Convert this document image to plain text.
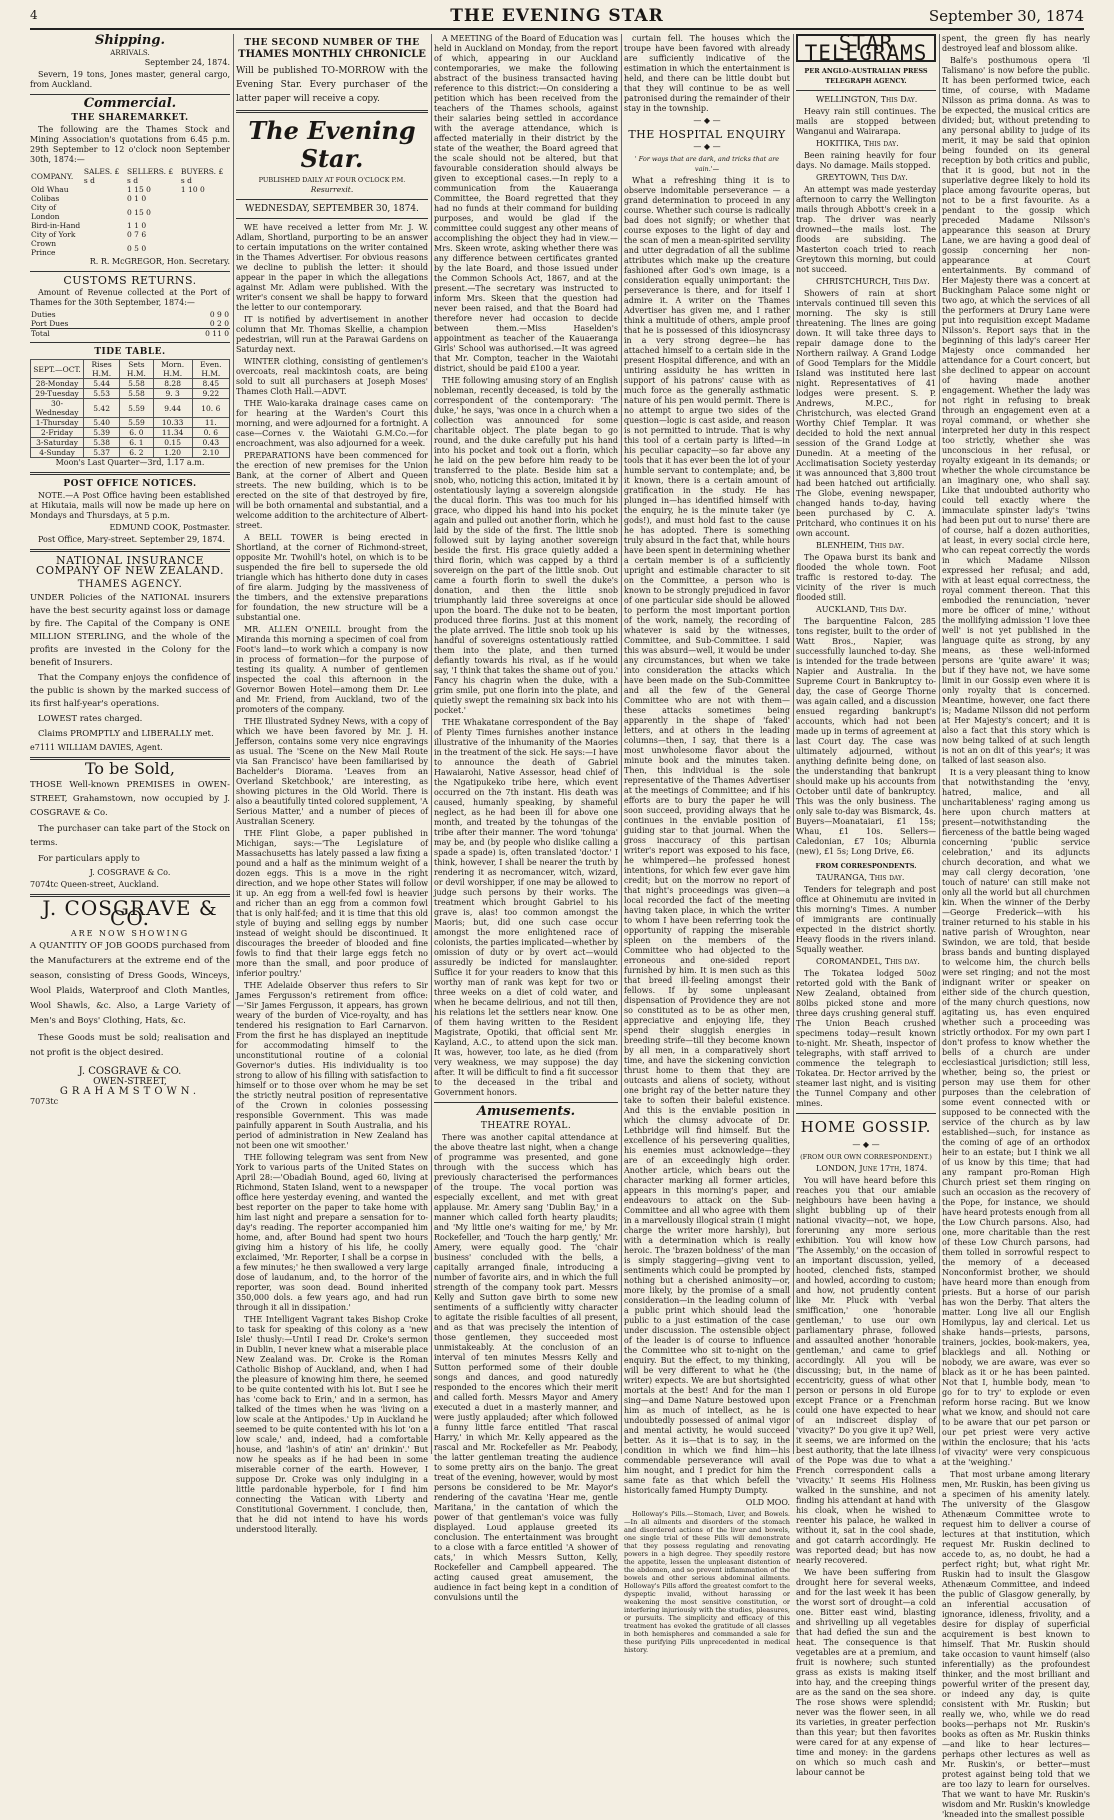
4	THE EVENING STAR	September 30, 1874
Shipping.
ARRIVALS.

September 24, 1874.

Severn, 19 tons, Jones master, general cargo, from Auckland.

Commercial.
THE SHAREMARKET.

The following are the Thames Stock and Mining Association's quotations from 6.45 p.m. 29th September to 12 o'clock noon September 30th, 1874:—

COMPANY.	SALES. £ s d	SELLERS. £ s d	BUYERS. £ s d
Old Whau		1 15 0	1 10 0
Colibas		0 1 0	
City of London		0 15 0	
Bird-in-Hand		1 1 0	
City of York		0 7 6	
Crown Prince		0 5 0	

R. R. McGREGOR, Hon. Secretary.

CUSTOMS RETURNS.

Amount of Revenue collected at the Port of Thames for the 30th September, 1874:—

Duties	0 9 0
Port Dues	0 2 0
Total	0 11 0
TIDE TABLE.
SEPT.—OCT.	Rises H.M.	Sets H.M.	Morn. H.M.	Even. H.M.
28-Monday	5.44	5.58	8.28	8.45
29-Tuesday	5.53	5.58	9. 3	9.22
30-Wednesday	5.42	5.59	9.44	10. 6
1-Thursday	5.40	5.59	10.33	11.
2-Friday	5.39	6. 0	11.34	0. 6
3-Saturday	5.38	6. 1	0.15	0.43
4-Sunday	5.37	6. 2	1.20	2.10

Moon's Last Quarter—3rd, 1.17 a.m.

POST OFFICE NOTICES.

NOTE.—A Post Office having been established at Hikutaia, mails will now be made up here on Mondays and Thursdays, at 5 p.m.

EDMUND COOK, Postmaster.

Post Office, Mary-street. September 29, 1874.

NATIONAL INSURANCE COMPANY OF NEW ZEALAND.
THAMES AGENCY.

UNDER Policies of the NATIONAL insurers have the best security against loss or damage by fire. The Capital of the Company is ONE MILLION STERLING, and the whole of the profits are invested in the Colony for the benefit of Insurers.

That the Company enjoys the confidence of the public is shown by the marked success of its first half-year's operations.

LOWEST rates charged.

Claims PROMPTLY and LIBERALLY met.

e7111 WILLIAM DAVIES, Agent.

To be Sold,

THOSE Well-known PREMISES in OWEN-STREET, Grahamstown, now occupied by J. COSGRAVE & Co.

The purchaser can take part of the Stock on terms.

For particulars apply to

J. COSGRAVE & Co.

7074tc Queen-street, Auckland.

J. COSGRAVE & CO.
ARE NOW SHOWING

A QUANTITY OF JOB GOODS purchased from the Manufacturers at the extreme end of the season, consisting of Dress Goods, Winceys, Wool Plaids, Waterproof and Cloth Mantles, Wool Shawls, &c. Also, a Large Variety of Men's and Boys' Clothing, Hats, &c.

These Goods must be sold; realisation and not profit is the object desired.

J. COSGRAVE & CO.
OWEN-STREET,
GRAHAMSTOWN.

7073tc

THE SECOND NUMBER OF THE
THAMES MONTHLY CHRONICLE

Will be published TO-MORROW with the Evening Star. Every purchaser of the latter paper will receive a copy.

The Evening Star.
PUBLISHED DAILY AT FOUR O'CLOCK P.M.
Resurrexit.
WEDNESDAY, SEPTEMBER 30, 1874.

WE have received a letter from Mr. J. W. Adlam, Shortland, purporting to be an answer to certain imputations on the writer contained in the Thames Advertiser. For obvious reasons we decline to publish the letter: it should appear in the paper in which the allegations against Mr. Adlam were published. With the writer's consent we shall be happy to forward the letter to our contemporary.

IT is notified by advertisement in another column that Mr. Thomas Skellie, a champion pedestrian, will run at the Parawai Gardens on Saturday next.

WINTER clothing, consisting of gentlemen's overcoats, real mackintosh coats, are being sold to suit all purchasers at Joseph Moses' Thames Cloth Hall.—ADVT.

THE Waio-karaka drainage cases came on for hearing at the Warden's Court this morning, and were adjourned for a fortnight. A case—Cornes v. the Waiotahi G.M.Co.—for encroachment, was also adjourned for a week.

PREPARATIONS have been commenced for the erection of new premises for the Union Bank, at the corner of Albert and Queen streets. The new building, which is to be erected on the site of that destroyed by fire, will be both ornamental and substantial, and a welcome addition to the architecture of Albert-street.

A BELL TOWER is being erected in Shortland, at the corner of Richmond-street, opposite Mr. Twohill's hotel, on which is to be suspended the fire bell to supersede the old triangle which has hitherto done duty in cases of fire alarm. Judging by the massiveness of the timbers, and the extensive preparations for foundation, the new structure will be a substantial one.

MR. ALLEN O'NEILL brought from the Miranda this morning a specimen of coal from Foot's land—to work which a company is now in process of formation—for the purpose of testing its quality. A number of gentlemen inspected the coal this afternoon in the Governor Bowen Hotel—among them Dr. Lee and Mr. Friend, from Auckland, two of the promoters of the company.

THE Illustrated Sydney News, with a copy of which we have been favored by Mr. J. H. Jefferson, contains some very nice engravings as usual. The 'Scene on the New Mail Route via San Francisco' have been familiarised by Bachelder's Diorama. 'Leaves from an Overland Sketchbook,' are interesting, as showing pictures in the Old World. There is also a beautifully tinted colored supplement, 'A Serious Matter,' and a number of pieces of Australian Scenery.

THE Flint Globe, a paper published in Michigan, says:—'The Legislature of Massachusetts has lately passed a law fixing a pound and a half as the minimum weight of a dozen eggs. This is a move in the right direction, and we hope other States will follow it up. An egg from a well-fed fowl is heavier and richer than an egg from a common fowl that is only half-fed; and it is time that this old style of buying and selling eggs by number instead of weight should be discontinued. It discourages the breeder of blooded and fine fowls to find that their large eggs fetch no more than the small, and poor produce of inferior poultry.'

THE Adelaide Observer thus refers to Sir James Fergusson's retirement from office:—'Sir James Fergusson, it appears, has grown weary of the burden of Vice-royalty, and has tendered his resignation to Earl Carnarvon. From the first he has displayed an ineptitude for accommodating himself to the unconstitutional routine of a colonial Governor's duties. His individuality is too strong to allow of his filling with satisfaction to himself or to those over whom he may be set the strictly neutral position of representative of the Crown in colonies possessing responsible Government. This was made painfully apparent in South Australia, and his period of administration in New Zealand has not been one wit smoother.'

THE following telegram was sent from New York to various parts of the United States on April 28:—'Obadiah Bound, aged 60, living at Richmond, Staten Island, went to a newspaper office here yesterday evening, and wanted the best reporter on the paper to take home with him last night and prepare a sensation for to-day's reading. The reporter accompanied him home, and, after Bound had spent two hours giving him a history of his life, he coolly exclaimed, 'Mr. Reporter, I shall be a corpse in a few minutes;' he then swallowed a very large dose of laudanum, and, to the horror of the reporter, was soon dead. Bound inherited 350,000 dols. a few years ago, and had run through it all in dissipation.'

THE Intelligent Vagrant takes Bishop Croke to task for speaking of this colony as a 'new Isle' thusly:—Until I read Dr. Croke's sermon in Dublin, I never knew what a miserable place New Zealand was. Dr. Croke is the Roman Catholic Bishop of Auckland, and, when I had the pleasure of knowing him there, he seemed to be quite contented with his lot. But I see he has 'come back to Erin,' and in a sermon, has talked of the times when he was 'living on a low scale at the Antipodes.' Up in Auckland he seemed to be quite contented with his lot 'on a low scale,' and, indeed, had a comfortable house, and 'lashin's of atin' an' drinkin'.' But now he speaks as if he had been in some miserable corner of the earth. However, I suppose Dr. Croke was only indulging in a little pardonable hyperbole, for I find him connecting the Vatican with Liberty and Constitutional Government. I conclude, then, that he did not intend to have his words understood literally.

A MEETING of the Board of Education was held in Auckland on Monday, from the report of which, appearing in our Auckland contemporaries, we make the following abstract of the business transacted having reference to this district:—On considering a petition which has been received from the teachers of the Thames schools, against their salaries being settled in accordance with the average attendance, which is affected materially in their district by the state of the weather, the Board agreed that the scale should not be altered, but that favourable consideration should always be given to exceptional cases.—In reply to a communication from the Kauaeranga Committee, the Board regretted that they had no funds at their command for building purposes, and would be glad if the committee could suggest any other means of accomplishing the object they had in view.—Mrs. Skeen wrote, asking whether there was any difference between certificates granted by the late Board, and those issued under the Common Schools Act, 1867, and at the present.—The secretary was instructed to inform Mrs. Skeen that the question had never been raised, and that the Board had therefore never had occasion to decide between them.—Miss Haselden's appointment as teacher of the Kauaeranga Girls' School was authorised.—It was agreed that Mr. Compton, teacher in the Waiotahi district, should be paid £100 a year.

THE following amusing story of an English nobleman, recently deceased, is told by the correspondent of the contemporary: 'The duke,' he says, 'was once in a church when a collection was announced for some charitable object. The plate began to go round, and the duke carefully put his hand into his pocket and took out a florin, which he laid on the pew before him ready to be transferred to the plate. Beside him sat a snob, who, noticing this action, imitated it by ostentatiously laying a sovereign alongside the ducal florin. This was too much for his grace, who dipped his hand into his pocket again and pulled out another florin, which he laid by the side of the first. The little snob followed suit by laying another sovereign beside the first. His grace quietly added a third florin, which was capped by a third sovereign on the part of the little snob. Out came a fourth florin to swell the duke's donation, and then the little snob triumphantly laid three sovereigns at once upon the board. The duke not to be beaten, produced three florins. Just at this moment the plate arrived. The little snob took up his handful of sovereigns ostentatiously rattled them into the plate, and then turned defiantly towards his rival, as if he would say, 'I think that takes the shame out of you.' Fancy his chagrin when the duke, with a grim smile, put one florin into the plate, and quietly swept the remaining six back into his pocket.'

THE Whakatane correspondent of the Bay of Plenty Times furnishes another instance illustrative of the inhumanity of the Maories in the treatment of the sick. He says:—I have to announce the death of Gabriel Hawaiarohi, Native Assessor, head chief of the Ngatipukeko tribe here, which event occurred on the 7th instant. His death was caused, humanly speaking, by shameful neglect, as he had been ill for above one month, and treated by the tohungas of the tribe after their manner. The word 'tohunga' may be, and (by people who dislike calling a spade a spade) is, often translated 'doctor.' I think, however, I shall be nearer the truth by rendering it as necromancer, witch, wizard, or devil worshipper, if one may be allowed to judge such persons by their works. The treatment which brought Gabriel to his grave is, alas! too common amongst the Maoris; but, did one such case occur amongst the more enlightened race of colonists, the parties implicated—whether by omission of duty or by overt act—would assuredly be indicted for manslaughter. Suffice it for your readers to know that this worthy man of rank was kept for two or three weeks on a diet of cold water, and when he became delirious, and not till then, his relations let the settlers near know. One of them having written to the Resident Magistrate, Opotiki, that official sent Mr. Kayland, A.C., to attend upon the sick man. It was, however, too late, as he died (from very weakness, we may suppose) the day after. It will be difficult to find a fit successor to the deceased in the tribal and Government honors.

Amusements.
THEATRE ROYAL.

There was another capital attendance at the above theatre last night, when a change of programme was presented, and gone through with the success which has previously characterised the performances of the troupe. The vocal portion was especially excellent, and met with great applause. Mr. Amery sang 'Dublin Bay,' in a manner which called forth hearty plaudits; and 'My little one's waiting for me,' by Mr. Rockefeller, and 'Touch the harp gently,' Mr. Amery, were equally good. The 'chair business' concluded with the bells, a capitally arranged finale, introducing a number of favorite airs, and in which the full strength of the company took part. Messrs Kelly and Sutton gave birth to some new sentiments of a sufficiently witty character to agitate the risible faculties of all present, and as that was precisely the intention of those gentlemen, they succeeded most unmistakeably. At the conclusion of an interval of ten minutes Messrs Kelly and Sutton performed some of their double songs and dances, and good naturedly responded to the encores which their merit and called forth. Messrs Mayor and Amery executed a duet in a masterly manner, and were justly applauded; after which followed a funny little farce entitled 'That rascal Harry,' in which Mr. Kelly appeared as the rascal and Mr. Rockefeller as Mr. Peabody, the latter gentleman treating the audience to some pretty airs on the banjo. The great treat of the evening, however, would by most persons be considered to be Mr. Mayor's rendering of the cavatina 'Hear me, gentle Maritana,' in the cantation of which the power of that gentleman's voice was fully displayed. Loud applause greeted its conclusion. The entertainment was brought to a close with a farce entitled 'A shower of cats,' in which Messrs Sutton, Kelly, Rockefeller and Campbell appeared. The acting caused great amusement, the audience in fact being kept in a condition of convulsions until the

curtain fell. The houses which the troupe have been favored with already are sufficiently indicative of the estimation in which the entertainment is held, and there can be little doubt but that they will continue to be as well patronised during the remainder of their stay in the township.

— ◆ —
THE HOSPITAL ENQUIRY
— ◆ —

' For ways that are dark, and tricks that are vain.'—

What a refreshing thing it is to observe indomitable perseverance — a grand determination to proceed in any course. Whether such course is radically bad does not signify; or whether that course exposes to the light of day and the scan of men a mean-spirited servility and utter degradation of all the sublime attributes which make up the creature fashioned after God's own image, is a consideration equally unimportant: the perseverance is there, and for itself I admire it. A writer on the Thames Advertiser has given me, and I rather think a multitude of others, ample proof that he is possessed of this idiosyncrasy in a very strong degree—he has attached himself to a certain side in the present Hospital difference, and with an untiring assiduity he has written in support of his patrons' cause with as much force as the generally asthmatic nature of his pen would permit. There is no attempt to argue two sides of the question—logic is cast aside, and reason is not permitted to intrude. That is why this tool of a certain party is lifted—in his peculiar capacity—so far above any tools that it has ever been the lot of your humble servant to contemplate; and, be it known, there is a certain amount of gratification in the study. He has plunged in—has identified himself with the enquiry, he is the minute taker (ye gods!), and must hold fast to the cause he has adopted. There is something truly absurd in the fact that, while hours have been spent in determining whether a certain member is of a sufficiently upright and estimable character to sit on the Committee, a person who is known to be strongly prejudiced in favor of one particular side should be allowed to perform the most important portion of the work, namely, the recording of whatever is said by the witnesses, Committee, and Sub-Committee. I said this was absurd—well, it would be under any circumstances, but when we take into consideration the attacks which have been made on the Sub-Committee and all the few of the General Committee who are not with them—these attacks sometimes being apparently in the shape of 'faked' letters, and at others in the leading columns—then, I say, that there is a most unwholesome flavor about the minute book and the minutes taken. Then, this individual is the sole representative of the Thames Advertiser at the meetings of Committee; and if his efforts are to bury the paper he will soon succeed, providing always that he continues in the enviable position of guiding star to that journal. When the gross inaccuracy of this partisan writer's report was exposed to his face, he whimpered—he professed honest intentions, for which few ever gave him credit; but on the morrow no report of that night's proceedings was given—a local recorded the fact of the meeting having taken place, in which the writer to whom I have been referring took the opportunity of rapping the miserable spleen on the members of the Committee who had objected to the erroneous and one-sided report furnished by him. It is men such as this that breed ill-feeling amongst their fellows. If by some unpleasant dispensation of Providence they are not so constituted as to be as other men, appreciative and enjoying life, they spend their sluggish energies in breeding strife—till they become known by all men, in a comparatively short time, and have the sickening conviction thrust home to them that they are outcasts and aliens of society, without one bright ray of the better nature they take to soften their baleful existence. And this is the enviable position in which the clumsy advocate of Dr. Lethbridge will find himself. But the excellence of his persevering qualities, his enemies must acknowledge—they are of an exceedingly high order. Another article, which bears out the character marking all former articles, appears in this morning's paper, and endeavours to attack on the Sub-Committee and all who agree with them in a marvellously illogical strain (I might charge the writer more harshly), but with a determination which is really heroic. The 'brazen boldness' of the man is simply staggering—giving vent to sentiments which could be prompted by nothing but a cherished animosity—or, more likely, by the promise of a small consideration—in the leading column of a public print which should lead the public to a just estimation of the case under discussion. The ostensible object of the leader is of course to influence the Committee who sit to-night on the enquiry. But the effect, to my thinking, will be very different to what he (the writer) expects. We are but shortsighted mortals at the best! And for the man I sing—and Dame Nature bestowed upon him as much of intellect, as he is undoubtedly possessed of animal vigor and mental activity, he would succeed better. As it is—that is to say, in the condition in which we find him—his commendable perseverance will avail him nought, and I predict for him the same fate as that which befell the historically famed Humpty Dumpty.

OLD MOO.

Holloway's Pills.—Stomach, Liver, and Bowels.—In all ailments and disorders of the stomach and disordered actions of the liver and bowels, one single trial of these Pills will demonstrate that they possess regulating and renovating powers in a high degree. They speedily restore the appetite, lessen the unpleasant distention of the abdomen, and so prevent inflammation of the bowels and other serious abdominal ailments. Holloway's Pills afford the greatest comfort to the dyspeptic invalid, without harassing or weakening the most sensitive constitution, or interfering injuriously with the studies, pleasures, or pursuits. The simplicity and efficacy of this treatment has evoked the gratitude of all classes in both hemispheres and commanded a sale for these purifying Pills unprecedented in medical history.

STAR TELEGRAMS
PER ANGLO-AUSTRALIAN PRESS TELEGRAPH AGENCY.

WELLINGTON, This Day.

Heavy rain still continues. The mails are stopped between Wanganui and Wairarapa.

HOKITIKA, This day.

Been raining heavily for four days. No damage. Mails stopped.

GREYTOWN, This Day.

An attempt was made yesterday afternoon to carry the Wellington mails through Abbott's creek in a trap. The driver was nearly drowned—the mails lost. The floods are subsiding. The Masterton coach tried to reach Greytown this morning, but could not succeed.

CHRISTCHURCH, This Day.

Showers of rain at short intervals continued till seven this morning. The sky is still threatening. The lines are going down. It will take three days to repair damage done to the Northern railway. A Grand Lodge of Good Templars for the Middle Island was instituted here last night. Representatives of 41 lodges were present. S. P. Andrews, M.P.C., for Christchurch, was elected Grand Worthy Chief Templar. It was decided to hold the next annual session of the Grand Lodge at Dunedin. At a meeting of the Acclimatisation Society yesterday it was announced that 3,800 trout had been hatched out artificially. The Globe, evening newspaper, changed hands to-day, having been purchased by C. A. Pritchard, who continues it on his own account.

BLENHEIM, This day.

The Opawa burst its bank and flooded the whole town. Foot traffic is restored to-day. The vicinity of the river is much flooded still.

AUCKLAND, This Day.

The barquentine Falcon, 285 tons register, built to the order of Watt Bros., Napier, was successfully launched to-day. She is intended for the trade between Napier and Australia. In the Supreme Court in Bankruptcy to-day, the case of George Thorne was again called, and a discussion ensued regarding bankrupt's accounts, which had not been made up in terms of agreement at last Court day. The case was ultimately adjourned, without anything definite being done, on the understanding that bankrupt should make up his accounts from October until date of bankruptcy. This was the only business. The only sale to-day was Bismarck, 4s. Buyers—Moanataiari, £1 15s; Whau, £1 10s. Sellers—Caledonian, £7 10s; Alburnia (new), £1 5s; Long Drive, £6.

FROM CORRESPONDENTS.

TAURANGA, This day.

Tenders for telegraph and post office at Ohinemutu are invited in this morning's Times. A number of immigrants are continually expected in the district shortly. Heavy floods in the rivers inland. Squally weather.

COROMANDEL, This day.

The Tokatea lodged 50oz retorted gold with the Bank of New Zealand, obtained from 80lbs picked stone and more three days crushing general stuff. The Union Beach crushed specimens today—result known to-night. Mr. Sheath, inspector of telegraphs, with staff arrived to commence the telegraph to Tokatea. Dr. Hector arrived by the steamer last night, and is visiting the Tunnel Company and other mines.

HOME GOSSIP.
— ◆ —

(FROM OUR OWN CORRESPONDENT.)

LONDON, June 17th, 1874.

You will have heard before this reaches you that our amiable neighbours have been having a slight bubbling up of their national vivacity—not, we hope, foreruning any more serious exhibition. You will know how 'The Assembly,' on the occasion of an important discussion, yelled, hooted, clenched fists, stamped and howled, according to custom; and how, not prudently content like Mr. Pluck with 'verbal smiffication,' one 'honorable gentleman,' to use our own parliamentary phrase, followed and assaulted another 'honorable gentleman,' and came to grief accordingly. All you will be discussing; but, in the name of eccentricity, guess of what other person or persons in old Europe except France or a Frenchman could one have expected to hear of an indiscreet display of 'vivacity?' Do you give it up? Well, it seems, we are informed on the best authority, that the late illness of the Pope was due to what a French correspondent calls a 'vivacity.' It seems His Holiness walked in the sunshine, and not finding his attendant at hand with his cloak, when he wished to reenter his palace, he walked in without it, sat in the cool shade, and got catarrh accordingly. He was reported dead; but has now nearly recovered.

We have been suffering from drought here for several weeks, and for the last week it has been the worst sort of drought—a cold one. Bitter east wind, blasting and shrivelling up all vegetables that had defied the sun and the heat. The consequence is that vegetables are at a premium, and fruit is nowhere; such stunted grass as exists is making itself into hay, and the creeping things are as the sand on the sea shore. The rose shows were splendid; never was the flower seen, in all its varieties, in greater perfection than this year; but then favorites were cared for at any expense of time and money: in the gardens on which so much cash and labour cannot be

spent, the green fly has nearly destroyed leaf and blossom alike.

Balfe's posthumous opera 'Il Talismano' is now before the public. It has been performed twice, each time, of course, with Madame Nilsson as prima donna. As was to be expected, the musical critics are divided; but, without pretending to any personal ability to judge of its merit, it may be said that opinion being founded on its general reception by both critics and public, that it is good, but not in the superlative degree likely to hold its place among favourite operas, but not to be a first favourite. As a pendant to the gossip which preceded Madame Nilsson's appearance this season at Drury Lane, we are having a good deal of gossip concerning her non-appearance at Court entertainments. By command of Her Majesty there was a concert at Buckingham Palace some night or two ago, at which the services of all the performers at Drury Lane were put into requisition except Madame Nilsson's. Report says that in the beginning of this lady's career Her Majesty once commanded her attendance for a Court concert, but she declined to appear on account of having made another engagement. Whether the lady was not right in refusing to break through an engagement even at a royal command, or whether she interpreted her duty in this respect too strictly, whether she was unconscious in her refusal, or royalty exigeant in its demands; or whether the whole circumstance be an imaginary one, who shall say. Like that undoubted authority who could tell exactly where the immaculate spinster lady's 'twins had been put out to nurse' there are of course, half a dozen authorities, at least, in every social circle here, who can repeat correctly the words in which Madame Nilsson expressed her refusal; and add, with at least equal correctness, the royal comment thereon. That this embodied the renunciation, 'never more be officer of mine,' without the mollifying admission 'I love thee well' is not yet published in the language quite as strong, by any means, as these well-informed persons are 'quite aware' it was; but if they have not, we have some limit in our Gossip even where it is only royalty that is concerned. Meantime, however, one fact there is; Madame Nilsson did not perform at Her Majesty's concert; and it is also a fact that this story which is now being talked of at such length is not an on dit of this year's; it was talked of last season also.

It is a very pleasant thing to know that notwithstanding the 'envy, hatred, malice, and all uncharitableness' raging among us here upon church matters at present—notwithstanding the fierceness of the battle being waged concerning 'public service celebration,' and its adjuncts church decoration, and what we may call clergy decoration, 'one touch of nature' can still make not only all the world but all churchmen kin. When the winner of the Derby—George Frederick—with his trainer returned to his stable in his native parish of Wroughton, near Swindon, we are told, that beside brass bands and bunting displayed to welcome him, the church bells were set ringing; and not the most indignant writer or speaker on either side of the church question, of the many church questions, now agitating us, has even enquired whether such a proceeding was strictly orthodox. For my own part I don't profess to know whether the bells of a church are under ecclesiastical jurisdiction; still less, whether, being so, the priest or person may use them for other purposes than the celebration of some event connected with or supposed to be connected with the service of the church as by law established—such, for instance as the coming of age of an orthodox heir to an estate; but I think we all of us know by this time; that had any rampant pro-Roman High Church priest set them ringing on such an occasion as the recovery of the Pope, for instance, we should have heard protests enough from all the Low Church parsons. Also, had one, more charitable than the rest of these Low Church parsons, had them tolled in sorrowful respect to the memory of a deceased Nonconformist brother, we should have heard more than enough from priests. But a horse of our parish has won the Derby. That alters the matter. Long live all our English Homilypus, lay and clerical. Let us shake hands—priests, parsons, trainers, jockies, book-makers, yea, blacklegs and all. Nothing or nobody, we are aware, was ever so black as it or he has been painted. Not that I, humble body, mean 'to go for to try' to explode or even reform horse racing. But we know what we know, and should not care to be aware that our pet parson or our pet priest were very active within the enclosure; that his 'acts of vivacity' were very conspicuous at the 'weighing.'

That most urbane among literary men, Mr. Ruskin, has been giving us a specimen of his amenity lately. The university of the Glasgow Athenæum Committee wrote to request him to deliver a course of lectures at that institution, which request Mr. Ruskin declined to accede to, as, no doubt, he had a perfect right; but, what right Mr. Ruskin had to insult the Glasgow Athenæum Committee, and indeed the public of Glasgow generally, by an inferential accusation of ignorance, idleness, frivolity, and a desire for display of superficial acquirement is best known to himself. That Mr. Ruskin should take occasion to vaunt himself (also inferentially) as the profoundest thinker, and the most brilliant and powerful writer of the present day, or indeed any day, is quite consistent with Mr. Ruskin; but really we, who, while we do read books—perhaps not Mr. Ruskin's books as often as Mr. Ruskin thinks—and like to hear lectures—perhaps other lectures as well as Mr. Ruskin's, or better—must protest against being told that we are too lazy to learn for ourselves. That we want to have Mr. Ruskin's wisdom and Mr. Ruskin's knowledge 'kneaded into the smallest possible
